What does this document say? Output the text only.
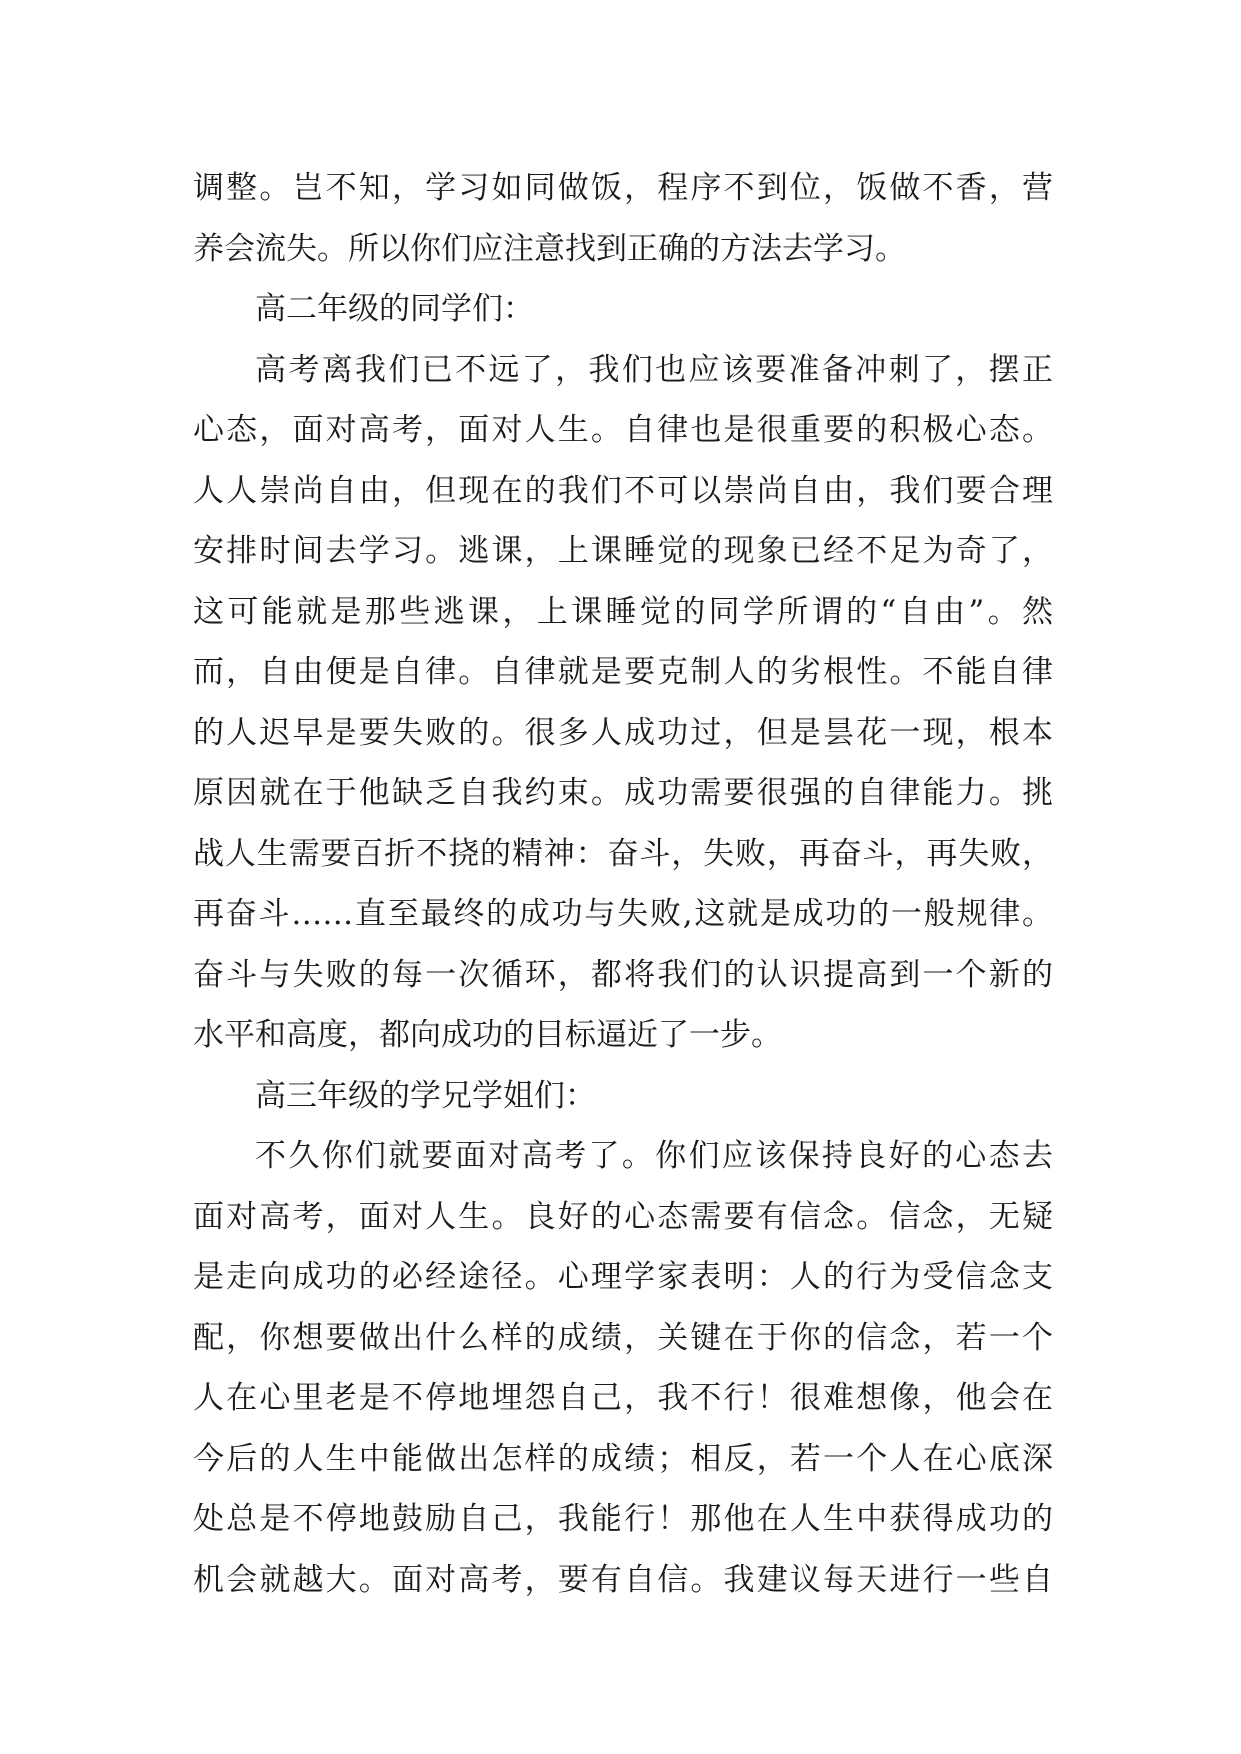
调整。岂不知，学习如同做饭，程序不到位，饭做不香，营
养会流失。所以你们应注意找到正确的方法去学习。
高二年级的同学们：
高考离我们已不远了，我们也应该要准备冲刺了，摆正
心态，面对高考，面对人生。自律也是很重要的积极心态。
人人崇尚自由，但现在的我们不可以崇尚自由，我们要合理
安排时间去学习。逃课，上课睡觉的现象已经不足为奇了，
这可能就是那些逃课，上课睡觉的同学所谓的“自由”。然
而，自由便是自律。自律就是要克制人的劣根性。不能自律
的人迟早是要失败的。很多人成功过，但是昙花一现，根本
原因就在于他缺乏自我约束。成功需要很强的自律能力。挑
战人生需要百折不挠的精神：奋斗，失败，再奋斗，再失败，
再奋斗……直至最终的成功与失败,这就是成功的一般规律。
奋斗与失败的每一次循环，都将我们的认识提高到一个新的
水平和高度，都向成功的目标逼近了一步。
高三年级的学兄学姐们：
不久你们就要面对高考了。你们应该保持良好的心态去
面对高考，面对人生。良好的心态需要有信念。信念，无疑
是走向成功的必经途径。心理学家表明：人的行为受信念支
配，你想要做出什么样的成绩，关键在于你的信念，若一个
人在心里老是不停地埋怨自己，我不行！很难想像，他会在
今后的人生中能做出怎样的成绩；相反，若一个人在心底深
处总是不停地鼓励自己，我能行！那他在人生中获得成功的
机会就越大。面对高考，要有自信。我建议每天进行一些自
